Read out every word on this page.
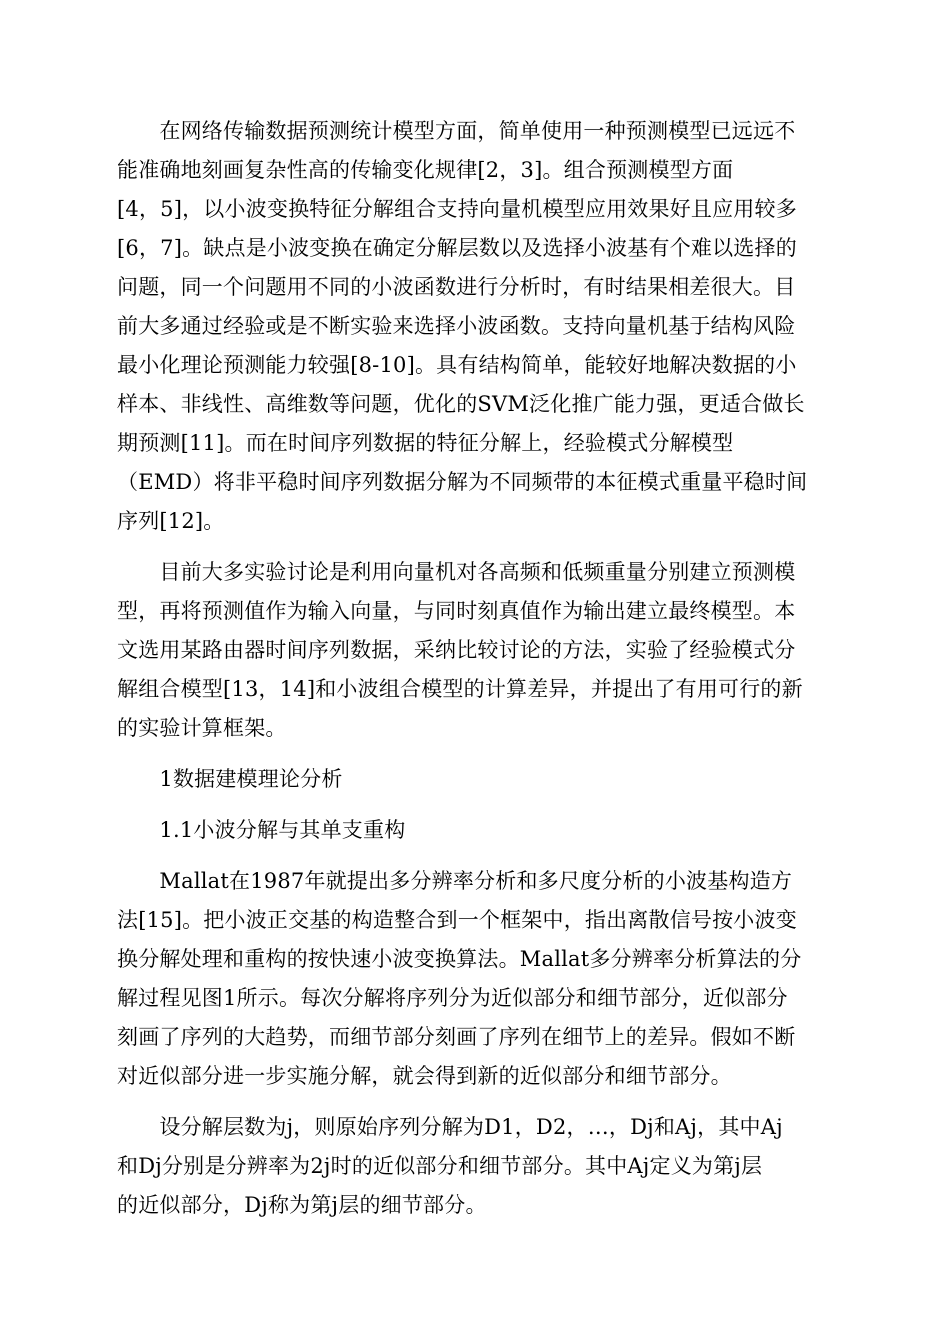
　　在网络传输数据预测统计模型方面，简单使用一种预测模型已远远不
能准确地刻画复杂性高的传输变化规律[2，3]。组合预测模型方面
[4，5]，以小波变换特征分解组合支持向量机模型应用效果好且应用较多
[6，7]。缺点是小波变换在确定分解层数以及选择小波基有个难以选择的
问题，同一个问题用不同的小波函数进行分析时，有时结果相差很大。目
前大多通过经验或是不断实验来选择小波函数。支持向量机基于结构风险
最小化理论预测能力较强[8-10]。具有结构简单，能较好地解决数据的小
样本、非线性、高维数等问题，优化的SVM泛化推广能力强，更适合做长
期预测[11]。而在时间序列数据的特征分解上，经验模式分解模型
（EMD）将非平稳时间序列数据分解为不同频带的本征模式重量平稳时间
序列[12]。
　　目前大多实验讨论是利用向量机对各高频和低频重量分别建立预测模
型，再将预测值作为输入向量，与同时刻真值作为输出建立最终模型。本
文选用某路由器时间序列数据，采纳比较讨论的方法，实验了经验模式分
解组合模型[13，14]和小波组合模型的计算差异，并提出了有用可行的新
的实验计算框架。
　　1数据建模理论分析
　　1.1小波分解与其单支重构
　　Mallat在1987年就提出多分辨率分析和多尺度分析的小波基构造方
法[15]。把小波正交基的构造整合到一个框架中，指出离散信号按小波变
换分解处理和重构的按快速小波变换算法。Mallat多分辨率分析算法的分
解过程见图1所示。每次分解将序列分为近似部分和细节部分，近似部分
刻画了序列的大趋势，而细节部分刻画了序列在细节上的差异。假如不断
对近似部分进一步实施分解，就会得到新的近似部分和细节部分。
　　设分解层数为j，则原始序列分解为D1，D2，…，Dj和Aj，其中Aj
和Dj分别是分辨率为2j时的近似部分和细节部分。其中Aj定义为第j层
的近似部分，Dj称为第j层的细节部分。
